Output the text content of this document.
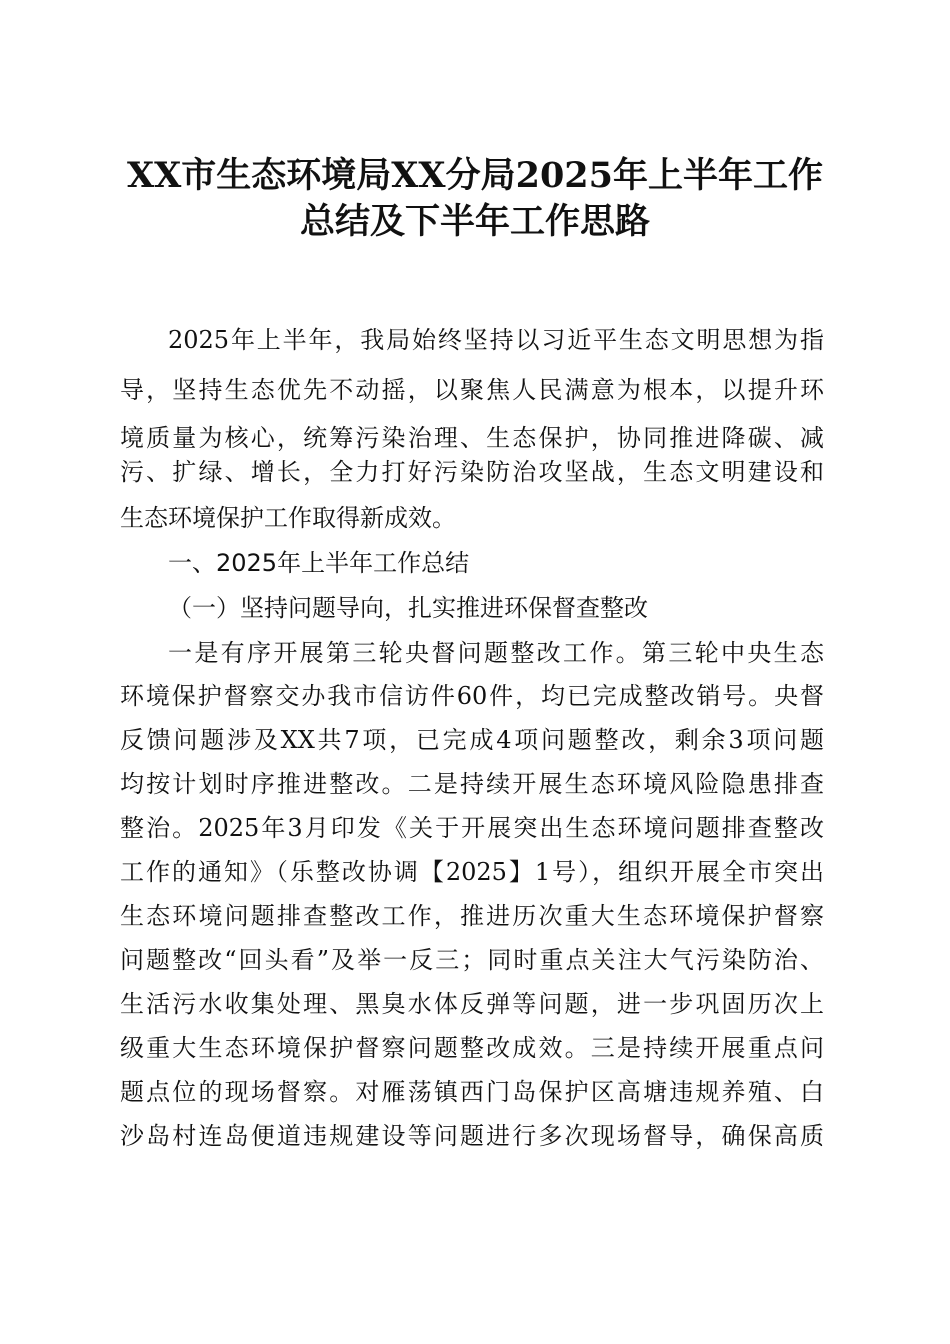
XX市生态环境局XX分局2025年上半年工作
总结及下半年工作思路

2025年上半年，我局始终坚持以习近平生态文明思想为指

导，坚持生态优先不动摇，以聚焦人民满意为根本，以提升环

境质量为核心，统筹污染治理、生态保护，协同推进降碳、减

污、扩绿、增长，全力打好污染防治攻坚战，生态文明建设和

生态环境保护工作取得新成效。

一、2025年上半年工作总结

（一）坚持问题导向，扎实推进环保督查整改

一是有序开展第三轮央督问题整改工作。第三轮中央生态

环境保护督察交办我市信访件60件，均已完成整改销号。央督

反馈问题涉及XX共7项，已完成4项问题整改，剩余3项问题

均按计划时序推进整改。二是持续开展生态环境风险隐患排查

整治。2025年3月印发《关于开展突出生态环境问题排查整改

工作的通知》（乐整改协调【2025】1号），组织开展全市突出

生态环境问题排查整改工作，推进历次重大生态环境保护督察

问题整改“回头看”及举一反三；同时重点关注大气污染防治、

生活污水收集处理、黑臭水体反弹等问题，进一步巩固历次上

级重大生态环境保护督察问题整改成效。三是持续开展重点问

题点位的现场督察。对雁荡镇西门岛保护区高塘违规养殖、白

沙岛村连岛便道违规建设等问题进行多次现场督导，确保高质
